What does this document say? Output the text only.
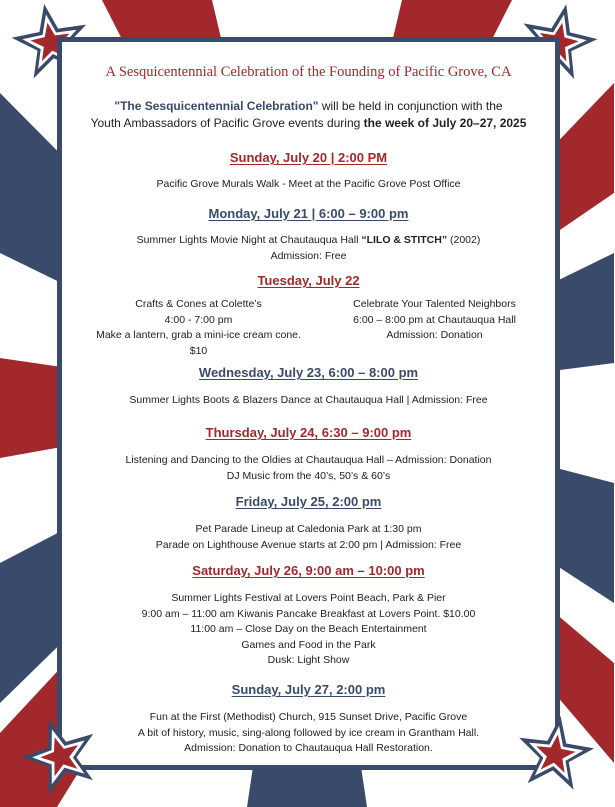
A Sesquicentennial Celebration of the Founding of Pacific Grove, CA
"The Sesquicentennial Celebration" will be held in conjunction with the
Youth Ambassadors of Pacific Grove events during the week of July 20–27, 2025
Sunday, July 20 | 2:00 PM
Pacific Grove Murals Walk - Meet at the Pacific Grove Post Office
Monday, July 21 | 6:00 – 9:00 pm
Summer Lights Movie Night at Chautauqua Hall “LILO & STITCH” (2002)
Admission: Free
Tuesday, July 22
Crafts & Cones at Colette’s
4:00 - 7:00 pm
Make a lantern, grab a mini-ice cream cone.
$10
Celebrate Your Talented Neighbors
6:00 – 8:00 pm at Chautauqua Hall
Admission: Donation
Wednesday, July 23, 6:00 – 8:00 pm
Summer Lights Boots & Blazers Dance at Chautauqua Hall | Admission: Free
Thursday, July 24, 6:30 – 9:00 pm
Listening and Dancing to the Oldies at Chautauqua Hall – Admission: Donation
DJ Music from the 40’s, 50’s & 60’s
Friday, July 25, 2:00 pm
Pet Parade Lineup at Caledonia Park at 1:30 pm
Parade on Lighthouse Avenue starts at 2:00 pm | Admission: Free
Saturday, July 26, 9:00 am – 10:00 pm
Summer Lights Festival at Lovers Point Beach, Park & Pier
9:00 am – 11:00 am Kiwanis Pancake Breakfast at Lovers Point. $10.00
11:00 am – Close Day on the Beach Entertainment
Games and Food in the Park
Dusk: Light Show
Sunday, July 27, 2:00 pm
Fun at the First (Methodist) Church, 915 Sunset Drive, Pacific Grove
A bit of history, music, sing-along followed by ice cream in Grantham Hall.
Admission: Donation to Chautauqua Hall Restoration.
